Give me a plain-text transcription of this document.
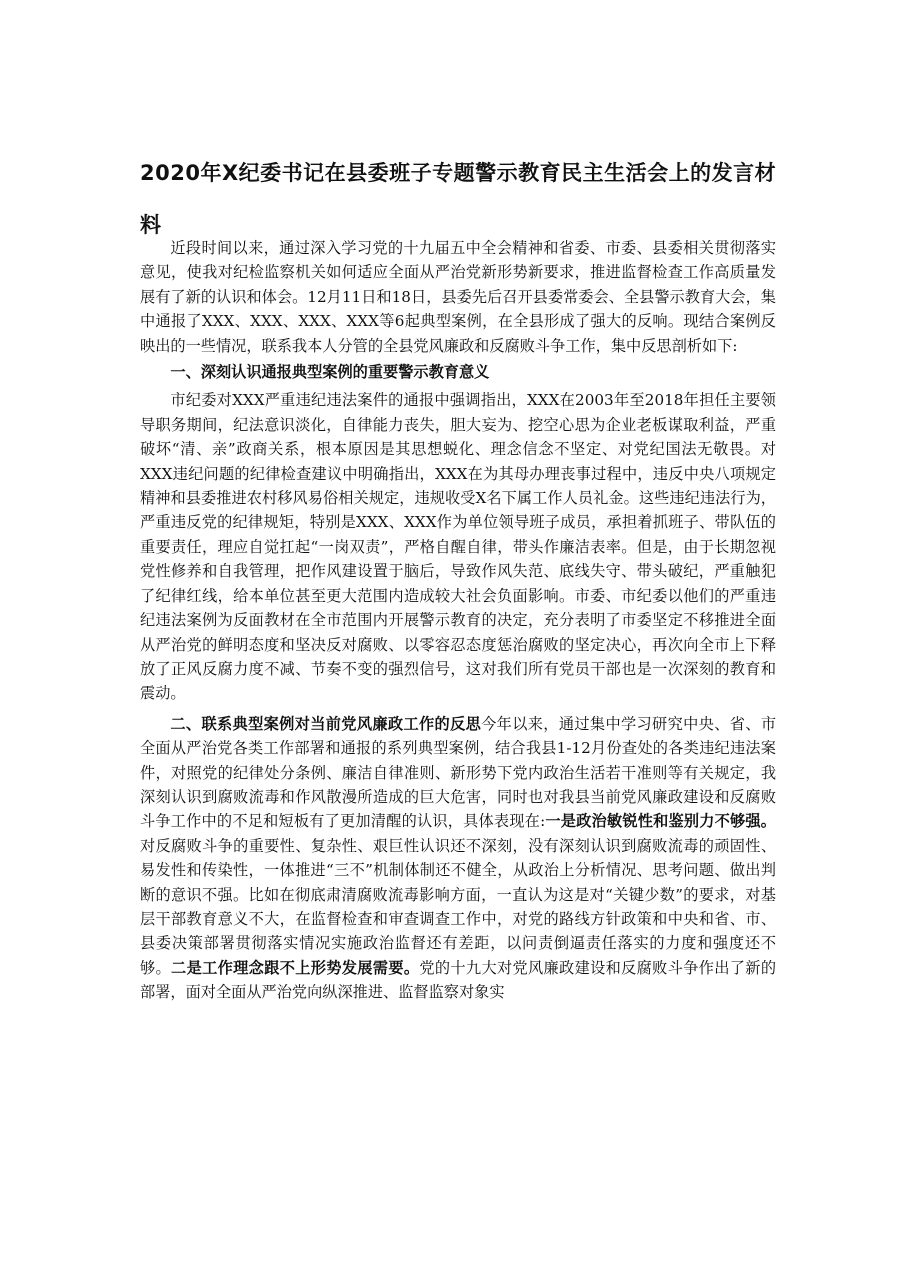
2020年X纪委书记在县委班子专题警示教育民主生活会上的发言材料

近段时间以来，通过深入学习党的十九届五中全会精神和省委、市委、县委相关贯彻落实意见，使我对纪检监察机关如何适应全面从严治党新形势新要求，推进监督检查工作高质量发展有了新的认识和体会。12月11日和18日，县委先后召开县委常委会、全县警示教育大会，集中通报了XXX、XXX、XXX、XXX等6起典型案例，在全县形成了强大的反响。现结合案例反映出的一些情况，联系我本人分管的全县党风廉政和反腐败斗争工作，集中反思剖析如下:

一、深刻认识通报典型案例的重要警示教育意义

市纪委对XXX严重违纪违法案件的通报中强调指出，XXX在2003年至2018年担任主要领导职务期间，纪法意识淡化，自律能力丧失，胆大妄为、挖空心思为企业老板谋取利益，严重破坏“清、亲”政商关系，根本原因是其思想蜕化、理念信念不坚定、对党纪国法无敬畏。对XXX违纪问题的纪律检查建议中明确指出，XXX在为其母办理丧事过程中，违反中央八项规定精神和县委推进农村移风易俗相关规定，违规收受X名下属工作人员礼金。这些违纪违法行为，严重违反党的纪律规矩，特别是XXX、XXX作为单位领导班子成员，承担着抓班子、带队伍的重要责任，理应自觉扛起“一岗双责”，严格自醒自律，带头作廉洁表率。但是，由于长期忽视党性修养和自我管理，把作风建设置于脑后，导致作风失范、底线失守、带头破纪，严重触犯了纪律红线，给本单位甚至更大范围内造成较大社会负面影响。市委、市纪委以他们的严重违纪违法案例为反面教材在全市范围内开展警示教育的决定，充分表明了市委坚定不移推进全面从严治党的鲜明态度和坚决反对腐败、以零容忍态度惩治腐败的坚定决心，再次向全市上下释放了正风反腐力度不减、节奏不变的强烈信号，这对我们所有党员干部也是一次深刻的教育和震动。

二、联系典型案例对当前党风廉政工作的反思今年以来，通过集中学习研究中央、省、市全面从严治党各类工作部署和通报的系列典型案例，结合我县1-12月份查处的各类违纪违法案件，对照党的纪律处分条例、廉洁自律准则、新形势下党内政治生活若干准则等有关规定，我深刻认识到腐败流毒和作风散漫所造成的巨大危害，同时也对我县当前党风廉政建设和反腐败斗争工作中的不足和短板有了更加清醒的认识，具体表现在:一是政治敏锐性和鉴别力不够强。对反腐败斗争的重要性、复杂性、艰巨性认识还不深刻，没有深刻认识到腐败流毒的顽固性、易发性和传染性，一体推进“三不”机制体制还不健全，从政治上分析情况、思考问题、做出判断的意识不强。比如在彻底肃清腐败流毒影响方面，一直认为这是对“关键少数”的要求，对基层干部教育意义不大，在监督检查和审查调查工作中，对党的路线方针政策和中央和省、市、县委决策部署贯彻落实情况实施政治监督还有差距，以问责倒逼责任落实的力度和强度还不够。二是工作理念跟不上形势发展需要。党的十九大对党风廉政建设和反腐败斗争作出了新的部署，面对全面从严治党向纵深推进、监督监察对象实
